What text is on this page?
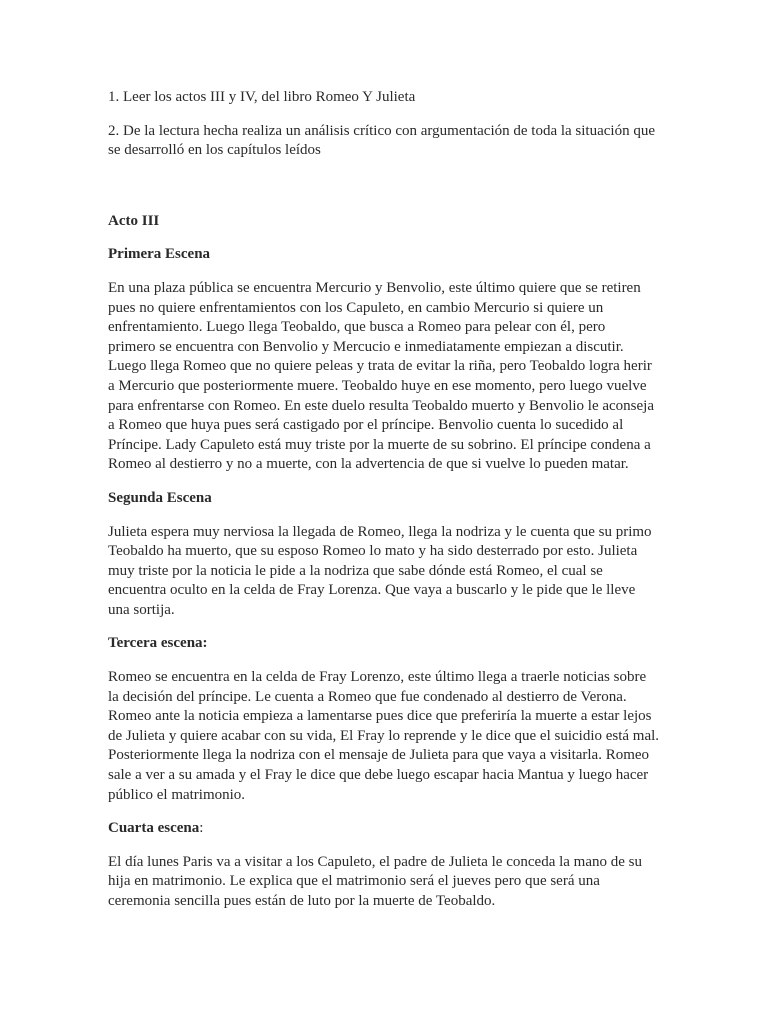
1. Leer los actos III y IV, del libro Romeo Y Julieta

2. De la lectura hecha realiza un análisis crítico con argumentación de toda la situación que
se desarrolló en los capítulos leídos

Acto III

Primera Escena

En una plaza pública se encuentra Mercurio y Benvolio, este último quiere que se retiren
pues no quiere enfrentamientos con los Capuleto, en cambio Mercurio si quiere un
enfrentamiento. Luego llega Teobaldo, que busca a Romeo para pelear con él, pero
primero se encuentra con Benvolio y Mercucio e inmediatamente empiezan a discutir.
Luego llega Romeo que no quiere peleas y trata de evitar la riña, pero Teobaldo logra herir
a Mercurio que posteriormente muere. Teobaldo huye en ese momento, pero luego vuelve
para enfrentarse con Romeo. En este duelo resulta Teobaldo muerto y Benvolio le aconseja
a Romeo que huya pues será castigado por el príncipe. Benvolio cuenta lo sucedido al
Príncipe. Lady Capuleto está muy triste por la muerte de su sobrino. El príncipe condena a
Romeo al destierro y no a muerte, con la advertencia de que si vuelve lo pueden matar.

Segunda Escena

Julieta espera muy nerviosa la llegada de Romeo, llega la nodriza y le cuenta que su primo
Teobaldo ha muerto, que su esposo Romeo lo mato y ha sido desterrado por esto. Julieta
muy triste por la noticia le pide a la nodriza que sabe dónde está Romeo, el cual se
encuentra oculto en la celda de Fray Lorenza. Que vaya a buscarlo y le pide que le lleve
una sortija.

Tercera escena:

Romeo se encuentra en la celda de Fray Lorenzo, este último llega a traerle noticias sobre
la decisión del príncipe. Le cuenta a Romeo que fue condenado al destierro de Verona.
Romeo ante la noticia empieza a lamentarse pues dice que preferiría la muerte a estar lejos
de Julieta y quiere acabar con su vida, El Fray lo reprende y le dice que el suicidio está mal.
Posteriormente llega la nodriza con el mensaje de Julieta para que vaya a visitarla. Romeo
sale a ver a su amada y el Fray le dice que debe luego escapar hacia Mantua y luego hacer
público el matrimonio.

Cuarta escena:

El día lunes Paris va a visitar a los Capuleto, el padre de Julieta le conceda la mano de su
hija en matrimonio. Le explica que el matrimonio será el jueves pero que será una
ceremonia sencilla pues están de luto por la muerte de Teobaldo.
